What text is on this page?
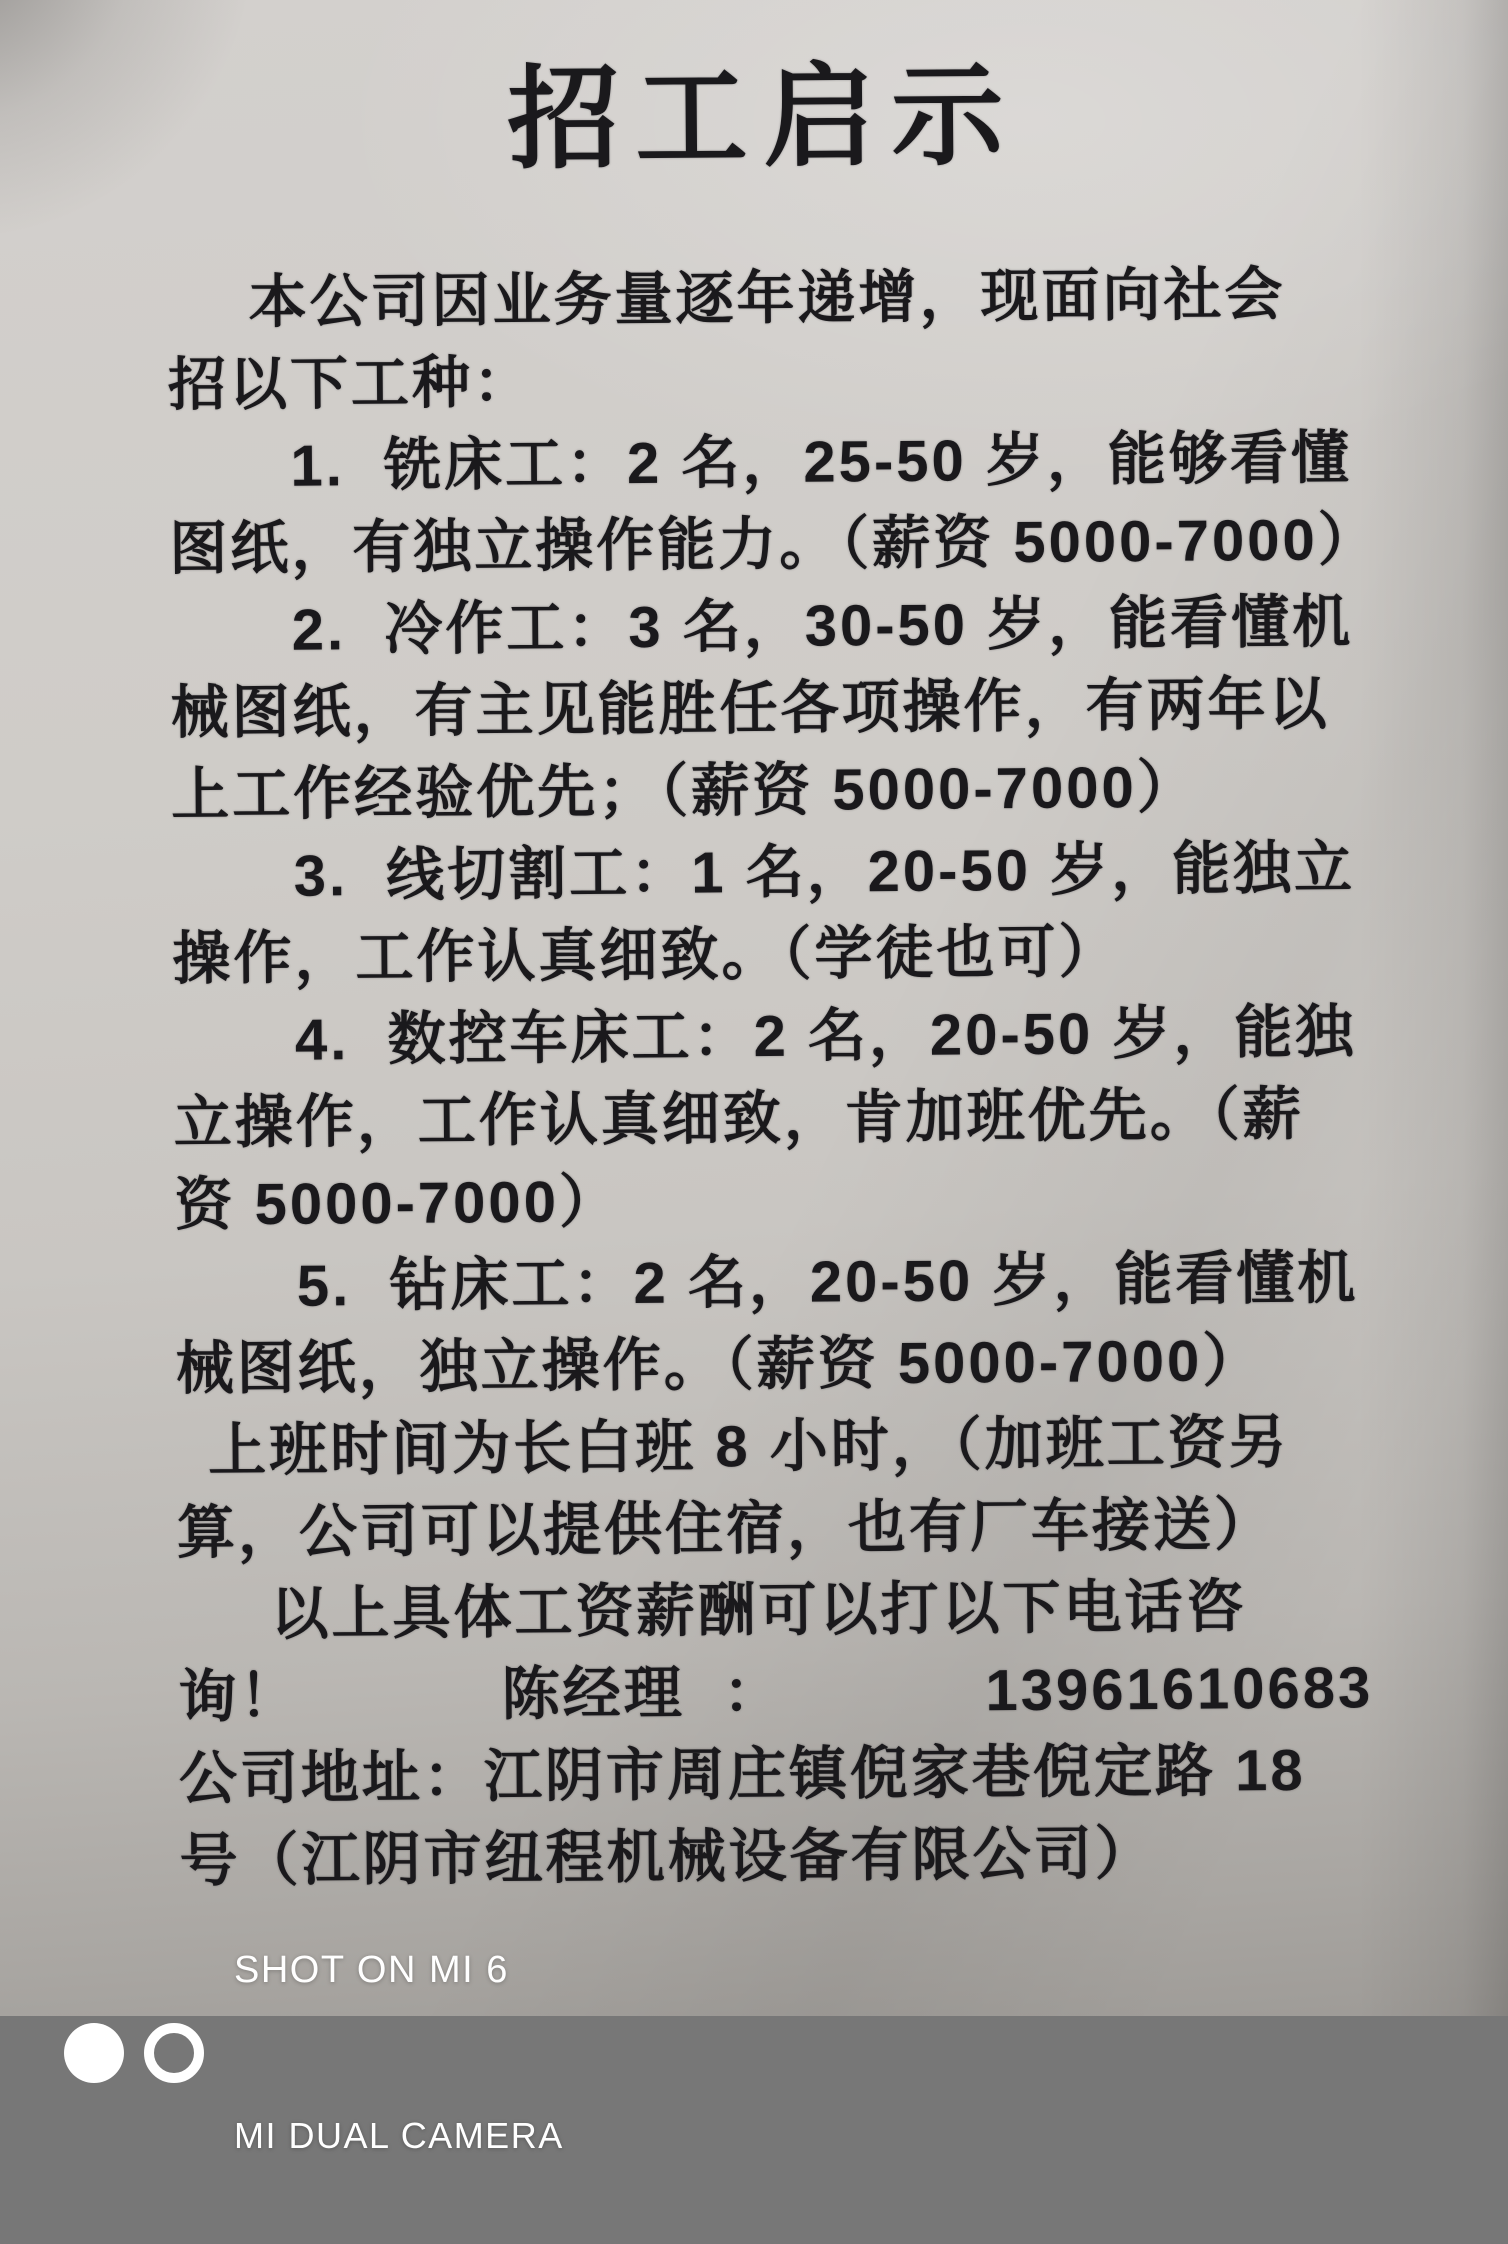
招工启示
本公司因业务量逐年递增，现面向社会
招以下工种：
1.  铣床工：2 名，25-50 岁，能够看懂
图纸，有独立操作能力。（薪资 5000-7000）
2.  冷作工：3 名，30-50 岁，能看懂机
械图纸，有主见能胜任各项操作，有两年以
上工作经验优先；（薪资 5000-7000）
3.  线切割工：1 名，20-50 岁，能独立
操作，工作认真细致。（学徒也可）
4.  数控车床工：2 名，20-50 岁，能独
立操作，工作认真细致，肯加班优先。（薪
资 5000-7000）
5.  钻床工：2 名，20-50 岁，能看懂机
械图纸，独立操作。（薪资 5000-7000）
上班时间为长白班 8 小时，（加班工资另
算，公司可以提供住宿，也有厂车接送）
以上具体工资薪酬可以打以下电话咨
询！	陈经理  ：	13961610683
公司地址：江阴市周庄镇倪家巷倪定路 18
号（江阴市纽程机械设备有限公司）

SHOT ON MI 6

MI DUAL CAMERA
